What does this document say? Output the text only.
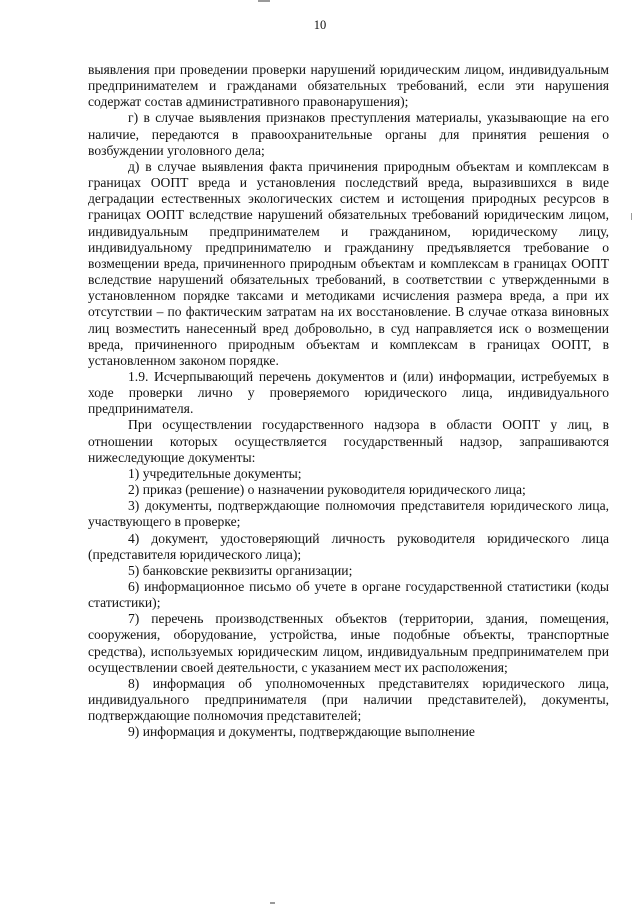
10

выявления при проведении проверки нарушений юридическим лицом, индивидуальным предпринимателем и гражданами обязательных требований, если эти нарушения содержат состав административного правонарушения);

г) в случае выявления признаков преступления материалы, указывающие на его наличие, передаются в правоохранительные органы для принятия решения о возбуждении уголовного дела;

д) в случае выявления факта причинения природным объектам и комплексам в границах ООПТ вреда и установления последствий вреда, выразившихся в виде деградации естественных экологических систем и истощения природных ресурсов в границах ООПТ вследствие нарушений обязательных требований юридическим лицом, индивидуальным предпринимателем и гражданином, юридическому лицу, индивидуальному предпринимателю и гражданину предъявляется требование о возмещении вреда, причиненного природным объектам и комплексам в границах ООПТ вследствие нарушений обязательных требований, в соответствии с утвержденными в установленном порядке таксами и методиками исчисления размера вреда, а при их отсутствии – по фактическим затратам на их восстановление. В случае отказа виновных лиц возместить нанесенный вред добровольно, в суд направляется иск о возмещении вреда, причиненного природным объектам и комплексам в границах ООПТ, в установленном законом порядке.

1.9. Исчерпывающий перечень документов и (или) информации, истребуемых в ходе проверки лично у проверяемого юридического лица, индивидуального предпринимателя.

При осуществлении государственного надзора в области ООПТ у лиц, в отношении которых осуществляется государственный надзор, запрашиваются нижеследующие документы:

1) учредительные документы;

2) приказ (решение) о назначении руководителя юридического лица;

3) документы, подтверждающие полномочия представителя юридического лица, участвующего в проверке;

4) документ, удостоверяющий личность руководителя юридического лица (представителя юридического лица);

5) банковские реквизиты организации;

6) информационное письмо об учете в органе государственной статистики (коды статистики);

7) перечень производственных объектов (территории, здания, помещения, сооружения, оборудование, устройства, иные подобные объекты, транспортные средства), используемых юридическим лицом, индивидуальным предпринимателем при осуществлении своей деятельности, с указанием мест их расположения;

8) информация об уполномоченных представителях юридического лица, индивидуального предпринимателя (при наличии представителей), документы, подтверждающие полномочия представителей;

9) информация и документы, подтверждающие выполнение
